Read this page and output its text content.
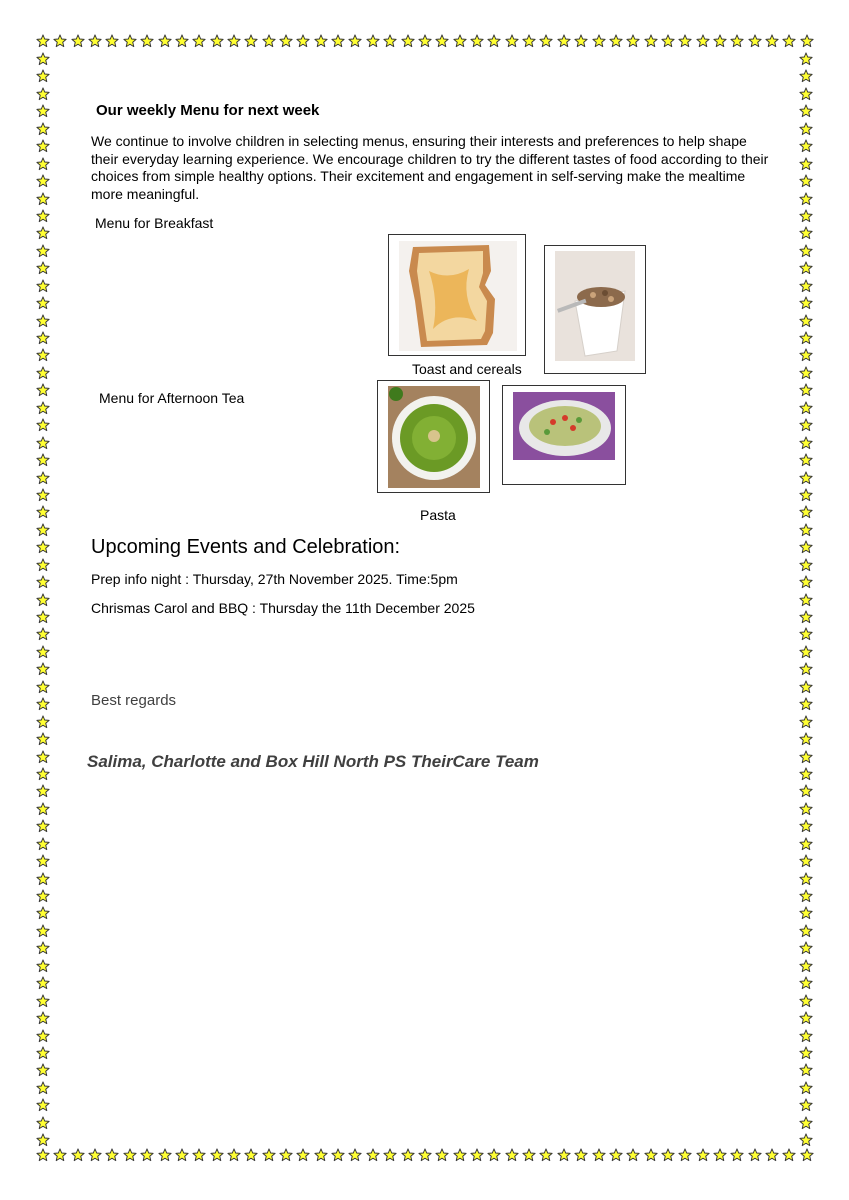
Our weekly Menu for next week
We continue to involve children in selecting menus, ensuring their interests and preferences to help shape their everyday learning experience. We encourage children to try the different tastes of food according to their choices from simple healthy options. Their excitement and engagement in self-serving make the mealtime more meaningful.
Menu for Breakfast
Toast and cereals
Menu for Afternoon Tea
Pasta
Upcoming Events and Celebration:
Prep info night : Thursday, 27th November 2025. Time:5pm
Chrismas Carol and BBQ : Thursday the 11th December 2025
Best regards
Salima, Charlotte and Box Hill North PS TheirCare Team
